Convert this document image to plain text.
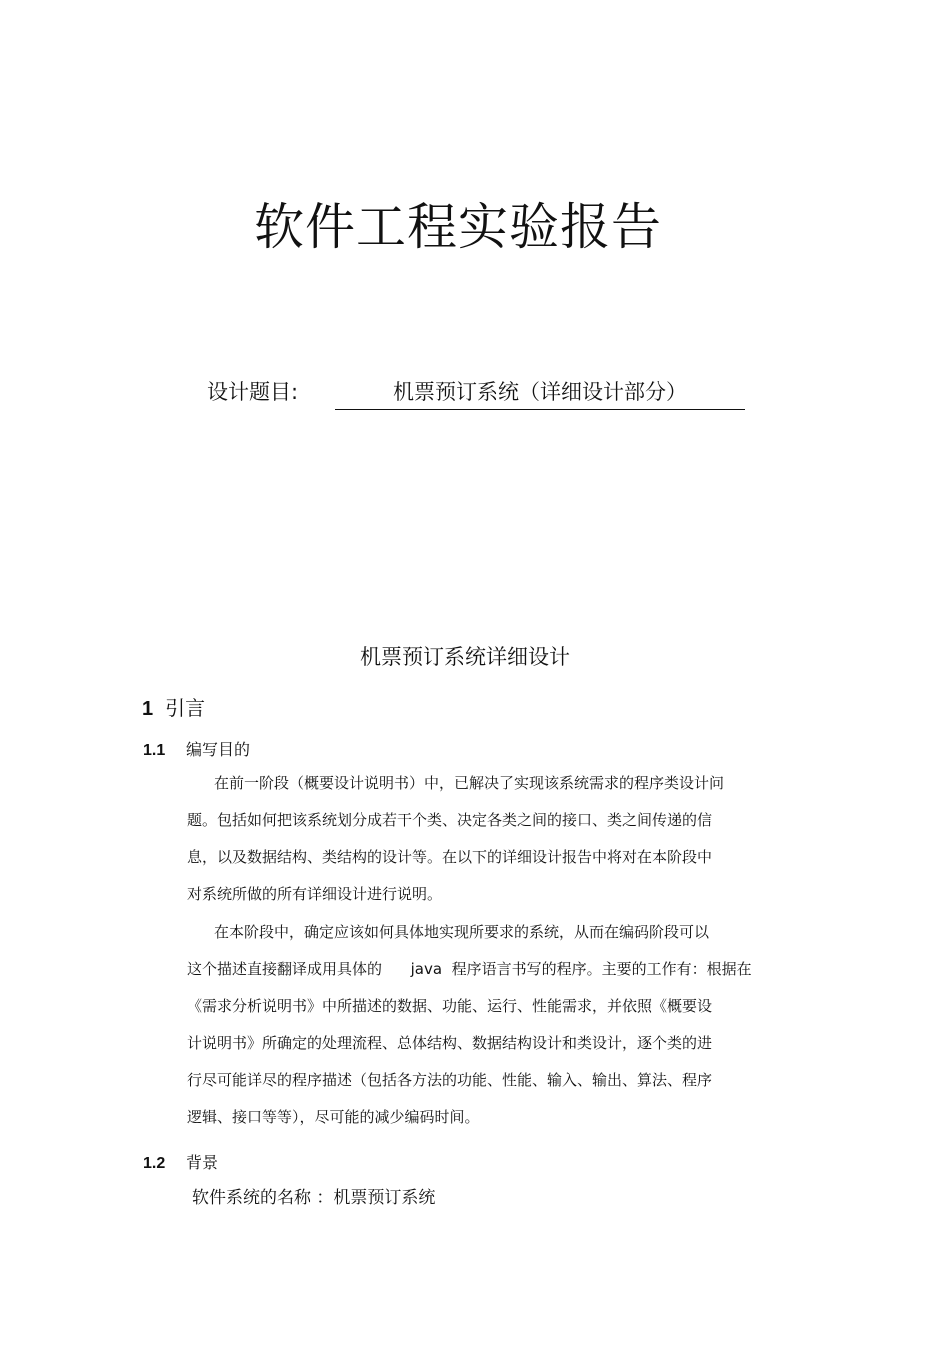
软件工程实验报告
设计题目:	机票预订系统（详细设计部分）
机票预订系统详细设计
1 引言
1.1 编写目的

在前一阶段（概要设计说明书）中，已解决了实现该系统需求的程序类设计问

题。包括如何把该系统划分成若干个类、决定各类之间的接口、类之间传递的信

息，以及数据结构、类结构的设计等。在以下的详细设计报告中将对在本阶段中

对系统所做的所有详细设计进行说明。

在本阶段中，确定应该如何具体地实现所要求的系统，从而在编码阶段可以

这个描述直接翻译成用具体的      java  程序语言书写的程序。主要的工作有：根据在

《需求分析说明书》中所描述的数据、功能、运行、性能需求，并依照《概要设

计说明书》所确定的处理流程、总体结构、数据结构设计和类设计，逐个类的进

行尽可能详尽的程序描述（包括各方法的功能、性能、输入、输出、算法、程序

逻辑、接口等等），尽可能的减少编码时间。

1.2 背景
软件系统的名称 ：机票预订系统
